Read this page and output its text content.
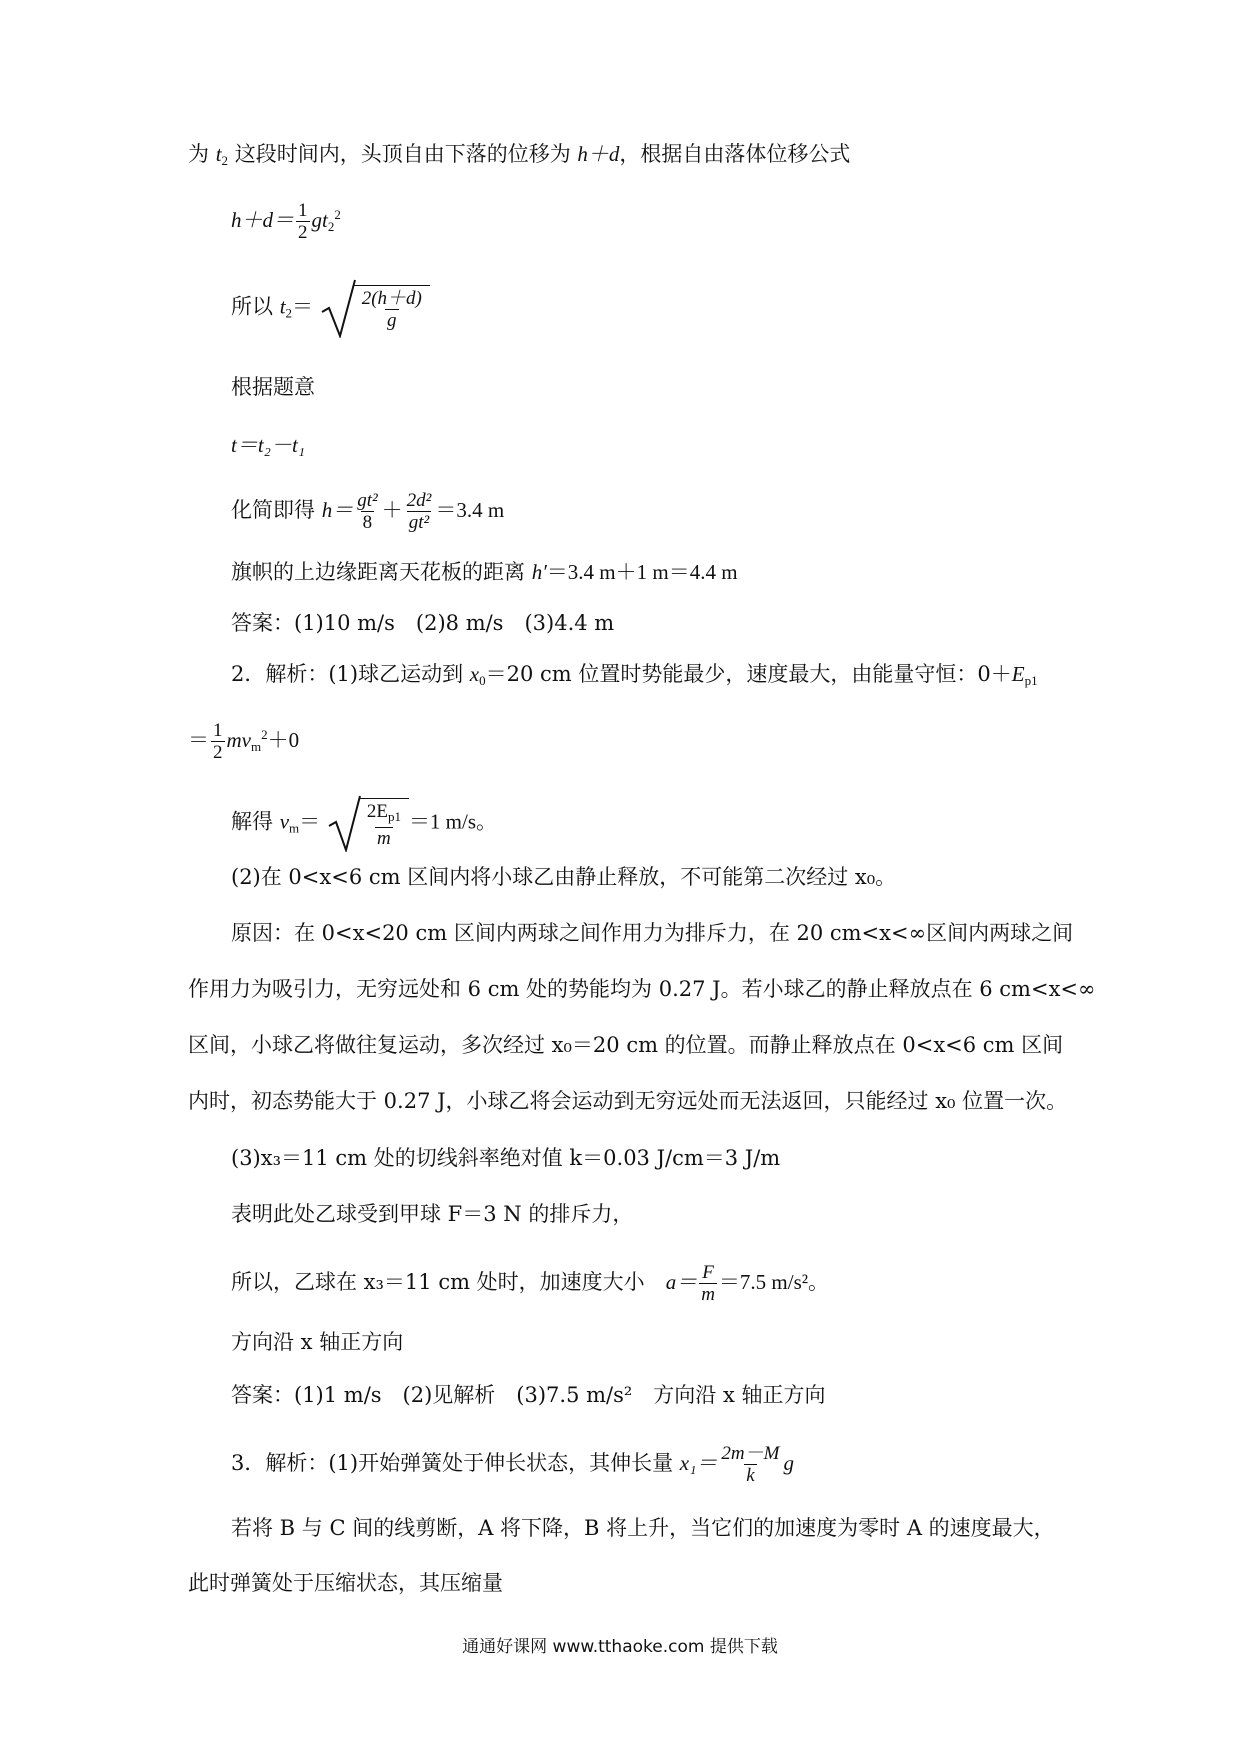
为 $t_2$ 这段时间内，头顶自由下落的位移为 h＋d，根据自由落体位移公式
$h+d= \frac{1}{2} gt_2^2$
所以 $t_2= \frac{2(h+d)}{g}$
根据题意
t＝t₂－t₁
化简即得 $h= \frac{\text{gt²}}{8} + \frac{\text{2d²}}{\text{gt²}} =3.4$ m
旗帜的上边缘距离天花板的距离 h′＝3.4 m＋1 m＝4.4 m
答案：(1)10 m/s　(2)8 m/s　(3)4.4 m
2．解析：(1)球乙运动到 $x_0=20$ cm 位置时势能最少，速度最大，由能量守恒：$0+E_{p1}$
＝ $\frac{1}{2} mv_m^2+0$
解得 $v_m= \frac{2E_{p1}}{m} =1$ m/s。
(2)在 0<x<6 cm 区间内将小球乙由静止释放，不可能第二次经过 x₀。
原因：在 0<x<20 cm 区间内两球之间作用力为排斥力，在 20 cm<x<∞区间内两球之间
作用力为吸引力，无穷远处和 6 cm 处的势能均为 0.27 J。若小球乙的静止释放点在 6 cm<x<∞
区间，小球乙将做往复运动，多次经过 x₀＝20 cm 的位置。而静止释放点在 0<x<6 cm 区间
内时，初态势能大于 0.27 J，小球乙将会运动到无穷远处而无法返回，只能经过 x₀ 位置一次。
(3)x₃＝11 cm 处的切线斜率绝对值 k＝0.03 J/cm＝3 J/m
表明此处乙球受到甲球 F＝3 N 的排斥力，
所以，乙球在 x₃＝11 cm 处时，加速度大小　$a= \frac{F}{m} =7.5$ m/s²。
方向沿 x 轴正方向
答案：(1)1 m/s　(2)见解析　(3)7.5 m/s²　方向沿 x 轴正方向
3．解析：(1)开始弹簧处于伸长状态，其伸长量 $x_1= \frac{2m-M}{k}$ g
若将 B 与 C 间的线剪断，A 将下降，B 将上升，当它们的加速度为零时 A 的速度最大，
此时弹簧处于压缩状态，其压缩量
通通好课网 www.tthaoke.com 提供下载
